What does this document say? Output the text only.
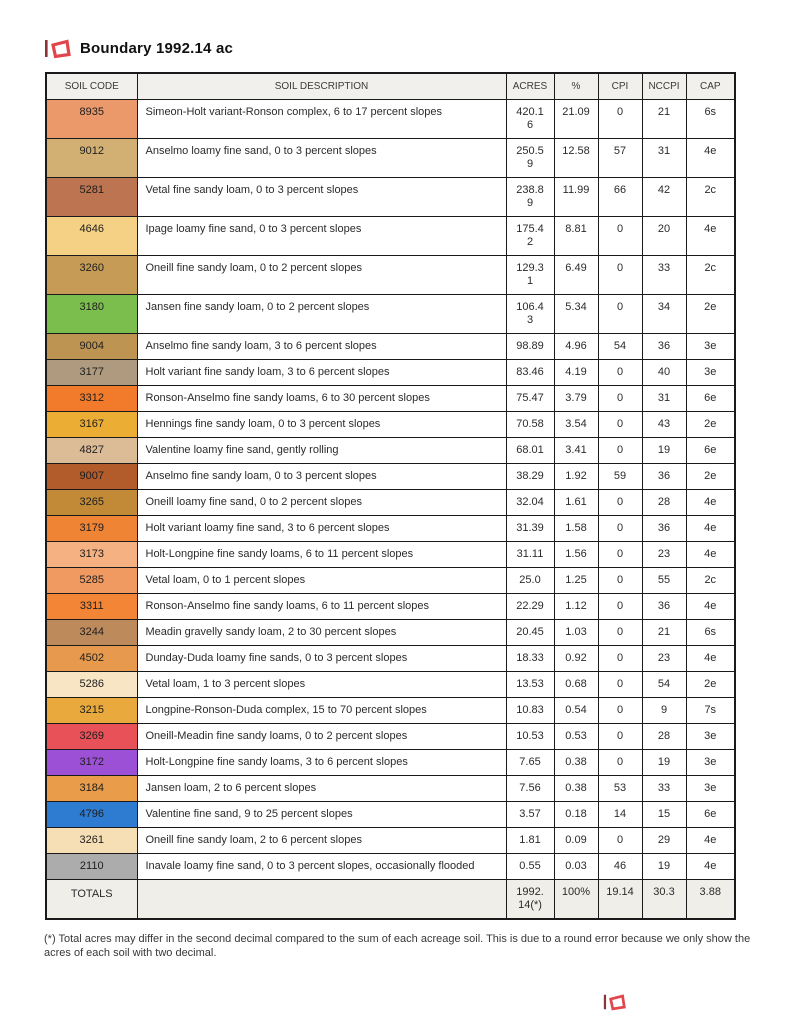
Boundary 1992.14 ac
SOIL CODE	SOIL DESCRIPTION	ACRES	%	CPI	NCCPI	CAP
8935	Simeon-Holt variant-Ronson complex, 6 to 17 percent slopes	420.16	21.09	0	21	6s
9012	Anselmo loamy fine sand, 0 to 3 percent slopes	250.59	12.58	57	31	4e
5281	Vetal fine sandy loam, 0 to 3 percent slopes	238.89	11.99	66	42	2c
4646	Ipage loamy fine sand, 0 to 3 percent slopes	175.42	8.81	0	20	4e
3260	Oneill fine sandy loam, 0 to 2 percent slopes	129.31	6.49	0	33	2c
3180	Jansen fine sandy loam, 0 to 2 percent slopes	106.43	5.34	0	34	2e
9004	Anselmo fine sandy loam, 3 to 6 percent slopes	98.89	4.96	54	36	3e
3177	Holt variant fine sandy loam, 3 to 6 percent slopes	83.46	4.19	0	40	3e
3312	Ronson-Anselmo fine sandy loams, 6 to 30 percent slopes	75.47	3.79	0	31	6e
3167	Hennings fine sandy loam, 0 to 3 percent slopes	70.58	3.54	0	43	2e
4827	Valentine loamy fine sand, gently rolling	68.01	3.41	0	19	6e
9007	Anselmo fine sandy loam, 0 to 3 percent slopes	38.29	1.92	59	36	2e
3265	Oneill loamy fine sand, 0 to 2 percent slopes	32.04	1.61	0	28	4e
3179	Holt variant loamy fine sand, 3 to 6 percent slopes	31.39	1.58	0	36	4e
3173	Holt-Longpine fine sandy loams, 6 to 11 percent slopes	31.11	1.56	0	23	4e
5285	Vetal loam, 0 to 1 percent slopes	25.0	1.25	0	55	2c
3311	Ronson-Anselmo fine sandy loams, 6 to 11 percent slopes	22.29	1.12	0	36	4e
3244	Meadin gravelly sandy loam, 2 to 30 percent slopes	20.45	1.03	0	21	6s
4502	Dunday-Duda loamy fine sands, 0 to 3 percent slopes	18.33	0.92	0	23	4e
5286	Vetal loam, 1 to 3 percent slopes	13.53	0.68	0	54	2e
3215	Longpine-Ronson-Duda complex, 15 to 70 percent slopes	10.83	0.54	0	9	7s
3269	Oneill-Meadin fine sandy loams, 0 to 2 percent slopes	10.53	0.53	0	28	3e
3172	Holt-Longpine fine sandy loams, 3 to 6 percent slopes	7.65	0.38	0	19	3e
3184	Jansen loam, 2 to 6 percent slopes	7.56	0.38	53	33	3e
4796	Valentine fine sand, 9 to 25 percent slopes	3.57	0.18	14	15	6e
3261	Oneill fine sandy loam, 2 to 6 percent slopes	1.81	0.09	0	29	4e
2110	Inavale loamy fine sand, 0 to 3 percent slopes, occasionally flooded	0.55	0.03	46	19	4e
TOTALS		1992.14(*)	100%	19.14	30.3	3.88
(*) Total acres may differ in the second decimal compared to the sum of each acreage soil. This is due to a round error because we only show the acres of each soil with two decimal.
